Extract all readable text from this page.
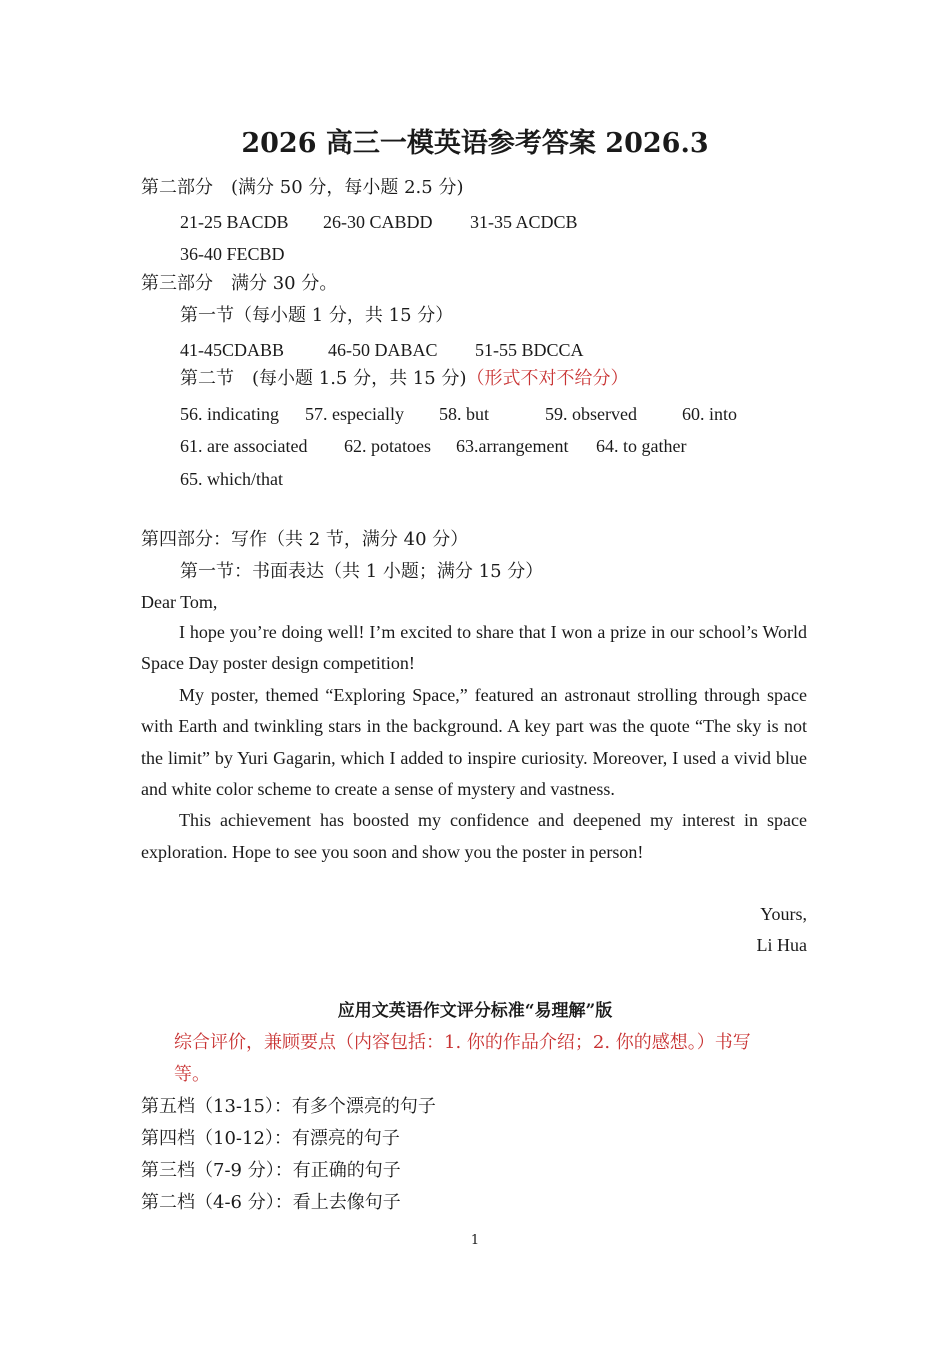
2026 高三一模英语参考答案 2026.3
第二部分　(满分 50 分，每小题 2.5 分)
21-25 BACDB 26-30 CABDD 31-35 ACDCB
36-40 FECBD
第三部分　满分 30 分。
第一节（每小题 1 分，共 15 分）
41-45CDABB 46-50 DABAC 51-55 BDCCA
第二节　(每小题 1.5 分，共 15 分)（形式不对不给分）
56. indicating 57. especially 58. but	59. observed	60. into
61. are associated 62. potatoes 63.arrangement 64. to gather
65. which/that
第四部分：写作（共 2 节，满分 40 分）
第一节：书面表达（共 1 小题；满分 15 分）
Dear Tom,

I hope you’re doing well! I’m excited to share that I won a prize in our school’s World Space Day poster design competition!

My poster, themed “Exploring Space,” featured an astronaut strolling through space with Earth and twinkling stars in the background. A key part was the quote “The sky is not the limit” by Yuri Gagarin, which I added to inspire curiosity. Moreover, I used a vivid blue and white color scheme to create a sense of mystery and vastness.

This achievement has boosted my confidence and deepened my interest in space exploration. Hope to see you soon and show you the poster in person!

Yours,
Li Hua
应用文英语作文评分标准“易理解”版
综合评价，兼顾要点（内容包括：1. 你的作品介绍；2. 你的感想。）书写
等。
第五档（13-15）：有多个漂亮的句子
第四档（10-12）：有漂亮的句子
第三档（7-9 分）：有正确的句子
第二档（4-6 分）：看上去像句子
1
